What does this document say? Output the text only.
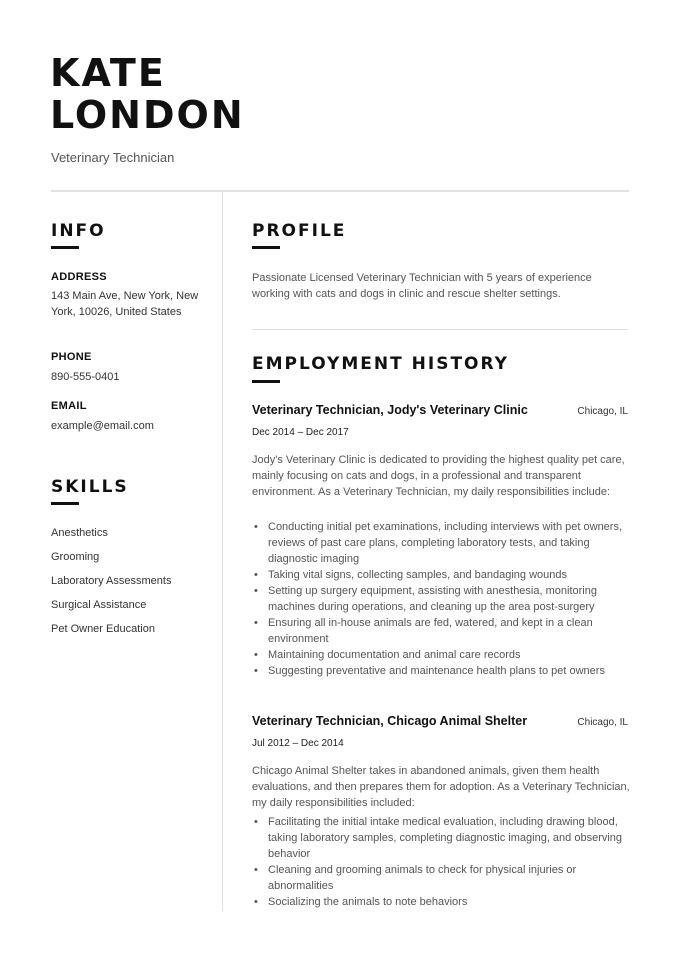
KATE
LONDON
Veterinary Technician
INFO
ADDRESS
143 Main Ave, New York, New York, 10026, United States
PHONE
890-555-0401
EMAIL
example@email.com
SKILLS
Anesthetics
Grooming
Laboratory Assessments
Surgical Assistance
Pet Owner Education
PROFILE
Passionate Licensed Veterinary Technician with 5 years of experience working with cats and dogs in clinic and rescue shelter settings.
EMPLOYMENT HISTORY
Veterinary Technician, Jody's Veterinary Clinic	Chicago, IL
Dec 2014 – Dec 2017
Jody's Veterinary Clinic is dedicated to providing the highest quality pet care, mainly focusing on cats and dogs, in a professional and transparent environment. As a Veterinary Technician, my daily responsibilities include:
• Conducting initial pet examinations, including interviews with pet owners, reviews of past care plans, completing laboratory tests, and taking diagnostic imaging
• Taking vital signs, collecting samples, and bandaging wounds
• Setting up surgery equipment, assisting with anesthesia, monitoring machines during operations, and cleaning up the area post-surgery
• Ensuring all in-house animals are fed, watered, and kept in a clean environment
• Maintaining documentation and animal care records
• Suggesting preventative and maintenance health plans to pet owners
Veterinary Technician, Chicago Animal Shelter	Chicago, IL
Jul 2012 – Dec 2014
Chicago Animal Shelter takes in abandoned animals, given them health evaluations, and then prepares them for adoption. As a Veterinary Technician, my daily responsibilities included:
• Facilitating the initial intake medical evaluation, including drawing blood, taking laboratory samples, completing diagnostic imaging, and observing behavior
• Cleaning and grooming animals to check for physical injuries or abnormalities
• Socializing the animals to note behaviors
